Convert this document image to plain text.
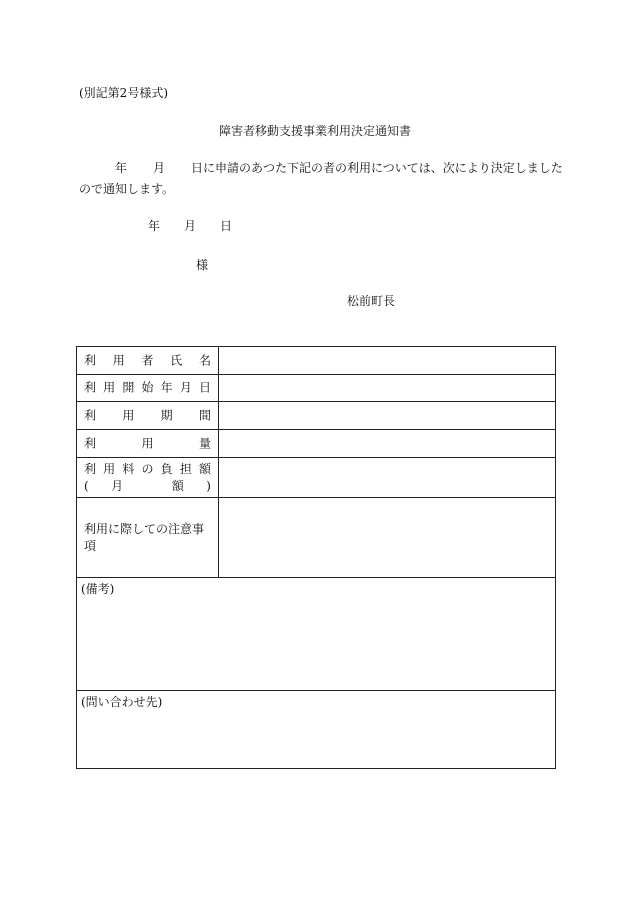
(別記第2号様式)
障害者移動支援事業利用決定通知書
年 月 日に申請のあつた下記の者の利用については、次により決定しました
ので通知します。
年 月 日
様
松前町長
利用者氏名
利用開始年月日
利用期間
利用量
利用料の負担額
(月 額)
利用に際しての注意事項
(備考)
(問い合わせ先)
